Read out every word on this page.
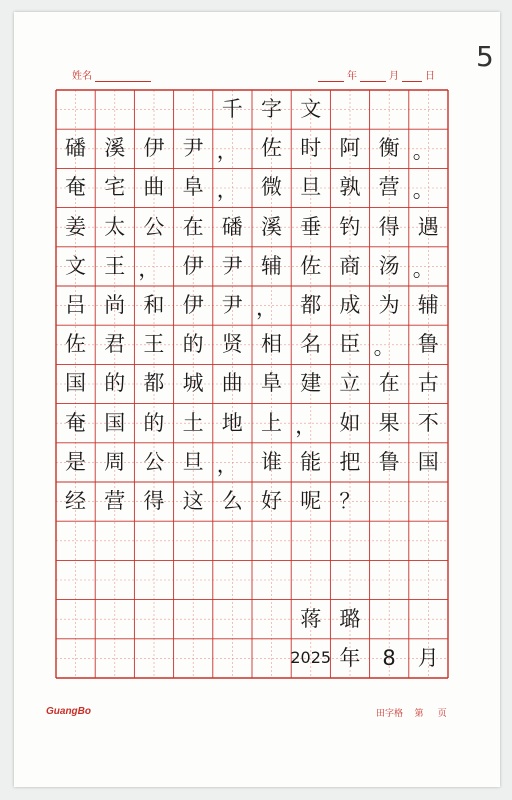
5
姓名	年	月	日
千 字 文
磻 溪 伊 尹 ，	佐 时 阿 衡 。
奄 宅 曲 阜 ，	微 旦 孰 营 。
姜 太 公 在 磻 溪 垂 钓 得 遇
文 王 ，	伊 尹 辅 佐 商 汤 。
吕 尚 和 伊 尹 ，	都 成 为 辅
佐 君 王 的 贤 相 名 臣 。	鲁
国 的 都 城 曲 阜 建 立 在 古
奄 国 的 土 地 上 ，	如 果 不
是 周 公 旦 ，	谁 能 把 鲁 国
经 营 得 这 么 好 呢 ？
蒋 璐
2025 年	8	月
GuangBo	田字格 第 页
